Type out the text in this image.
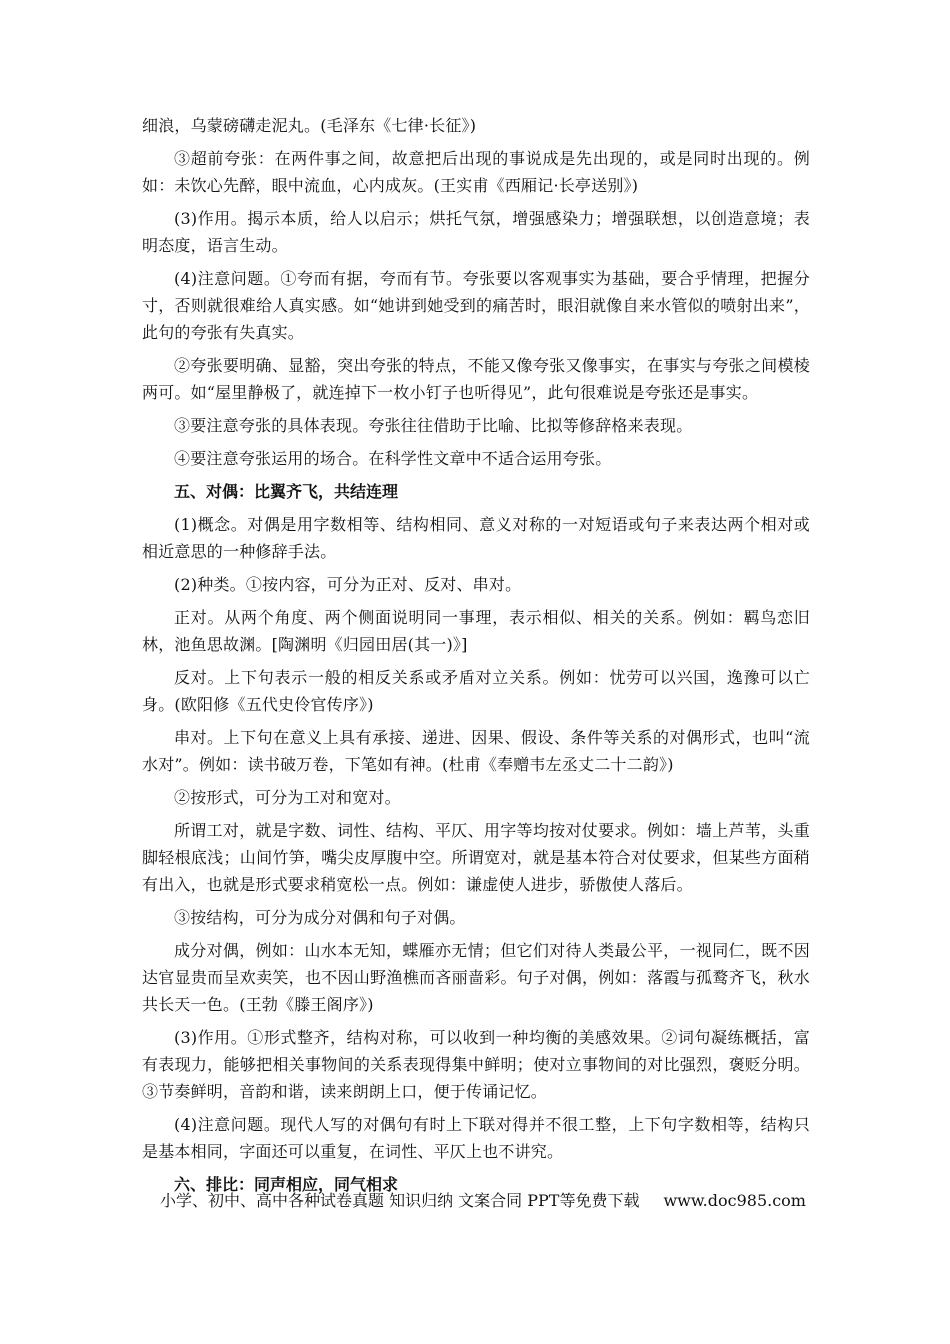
细浪，乌蒙磅礴走泥丸。(毛泽东《七律·长征》)

③超前夸张：在两件事之间，故意把后出现的事说成是先出现的，或是同时出现的。例如：未饮心先醉，眼中流血，心内成灰。(王实甫《西厢记·长亭送别》)

(3)作用。揭示本质，给人以启示；烘托气氛，增强感染力；增强联想，以创造意境；表明态度，语言生动。

(4)注意问题。①夸而有据，夸而有节。夸张要以客观事实为基础，要合乎情理，把握分寸，否则就很难给人真实感。如“她讲到她受到的痛苦时，眼泪就像自来水管似的喷射出来”，此句的夸张有失真实。

②夸张要明确、显豁，突出夸张的特点，不能又像夸张又像事实，在事实与夸张之间模棱两可。如“屋里静极了，就连掉下一枚小钉子也听得见”，此句很难说是夸张还是事实。

③要注意夸张的具体表现。夸张往往借助于比喻、比拟等修辞格来表现。

④要注意夸张运用的场合。在科学性文章中不适合运用夸张。

五、对偶：比翼齐飞，共结连理

(1)概念。对偶是用字数相等、结构相同、意义对称的一对短语或句子来表达两个相对或相近意思的一种修辞手法。

(2)种类。①按内容，可分为正对、反对、串对。

正对。从两个角度、两个侧面说明同一事理，表示相似、相关的关系。例如：羁鸟恋旧林，池鱼思故渊。[陶渊明《归园田居(其一)》]

反对。上下句表示一般的相反关系或矛盾对立关系。例如：忧劳可以兴国，逸豫可以亡身。(欧阳修《五代史伶官传序》)

串对。上下句在意义上具有承接、递进、因果、假设、条件等关系的对偶形式，也叫“流水对”。例如：读书破万卷，下笔如有神。(杜甫《奉赠韦左丞丈二十二韵》)

②按形式，可分为工对和宽对。

所谓工对，就是字数、词性、结构、平仄、用字等均按对仗要求。例如：墙上芦苇，头重脚轻根底浅；山间竹笋，嘴尖皮厚腹中空。所谓宽对，就是基本符合对仗要求，但某些方面稍有出入，也就是形式要求稍宽松一点。例如：谦虚使人进步，骄傲使人落后。

③按结构，可分为成分对偶和句子对偶。

成分对偶，例如：山水本无知，蝶雁亦无情；但它们对待人类最公平，一视同仁，既不因达官显贵而呈欢卖笑，也不因山野渔樵而吝丽啬彩。句子对偶，例如：落霞与孤鹜齐飞，秋水共长天一色。(王勃《滕王阁序》)

(3)作用。①形式整齐，结构对称，可以收到一种均衡的美感效果。②词句凝练概括，富有表现力，能够把相关事物间的关系表现得集中鲜明；使对立事物间的对比强烈，褒贬分明。③节奏鲜明，音韵和谐，读来朗朗上口，便于传诵记忆。

(4)注意问题。现代人写的对偶句有时上下联对得并不很工整，上下句字数相等，结构只是基本相同，字面还可以重复，在词性、平仄上也不讲究。

六、排比：同声相应，同气相求

小学、初中、高中各种试卷真题 知识归纳 文案合同 PPT等免费下载 www.doc985.com
